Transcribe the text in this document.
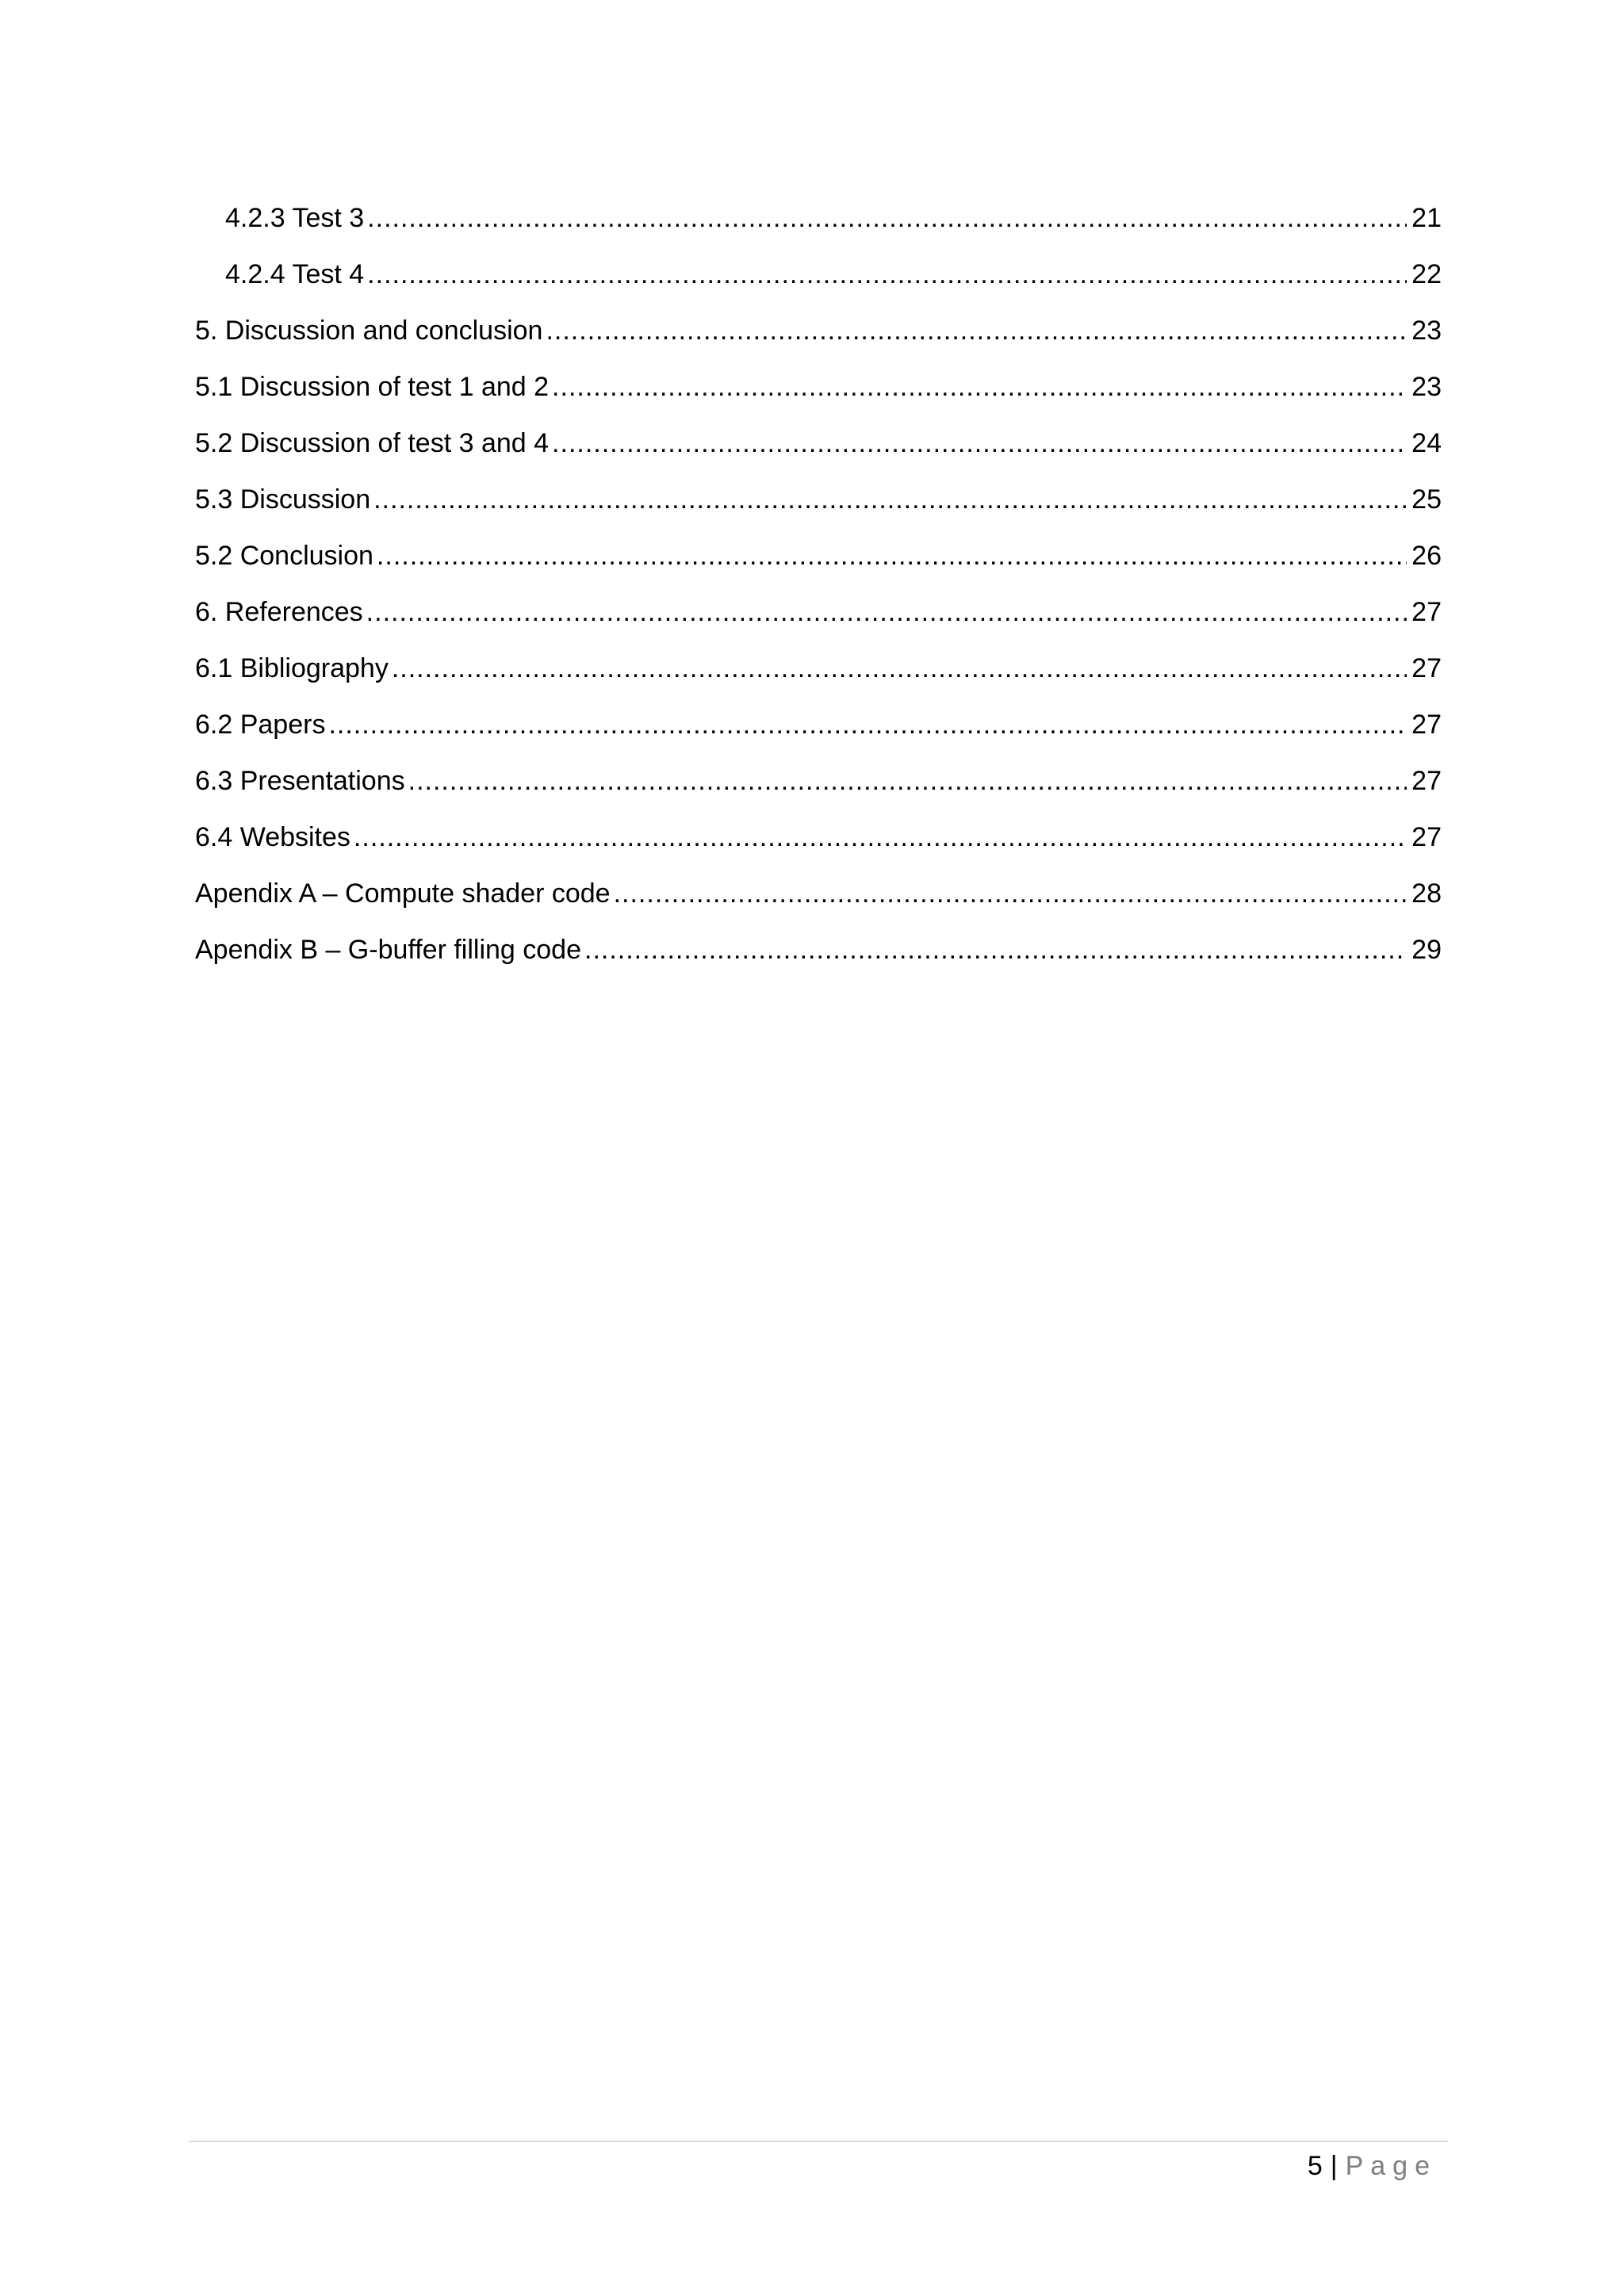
4.2.3 Test 3 .....	21
4.2.4 Test 4 .....	22
5. Discussion and conclusion .....	23
5.1 Discussion of test 1 and 2 .....	23
5.2 Discussion of test 3 and 4 .....	24
5.3 Discussion .....	25
5.2 Conclusion .....	26
6. References .....	27
6.1 Bibliography .....	27
6.2 Papers .....	27
6.3 Presentations .....	27
6.4 Websites .....	27
Apendix A – Compute shader code .....	28
Apendix B – G-buffer filling code .....	29
5 | Page
